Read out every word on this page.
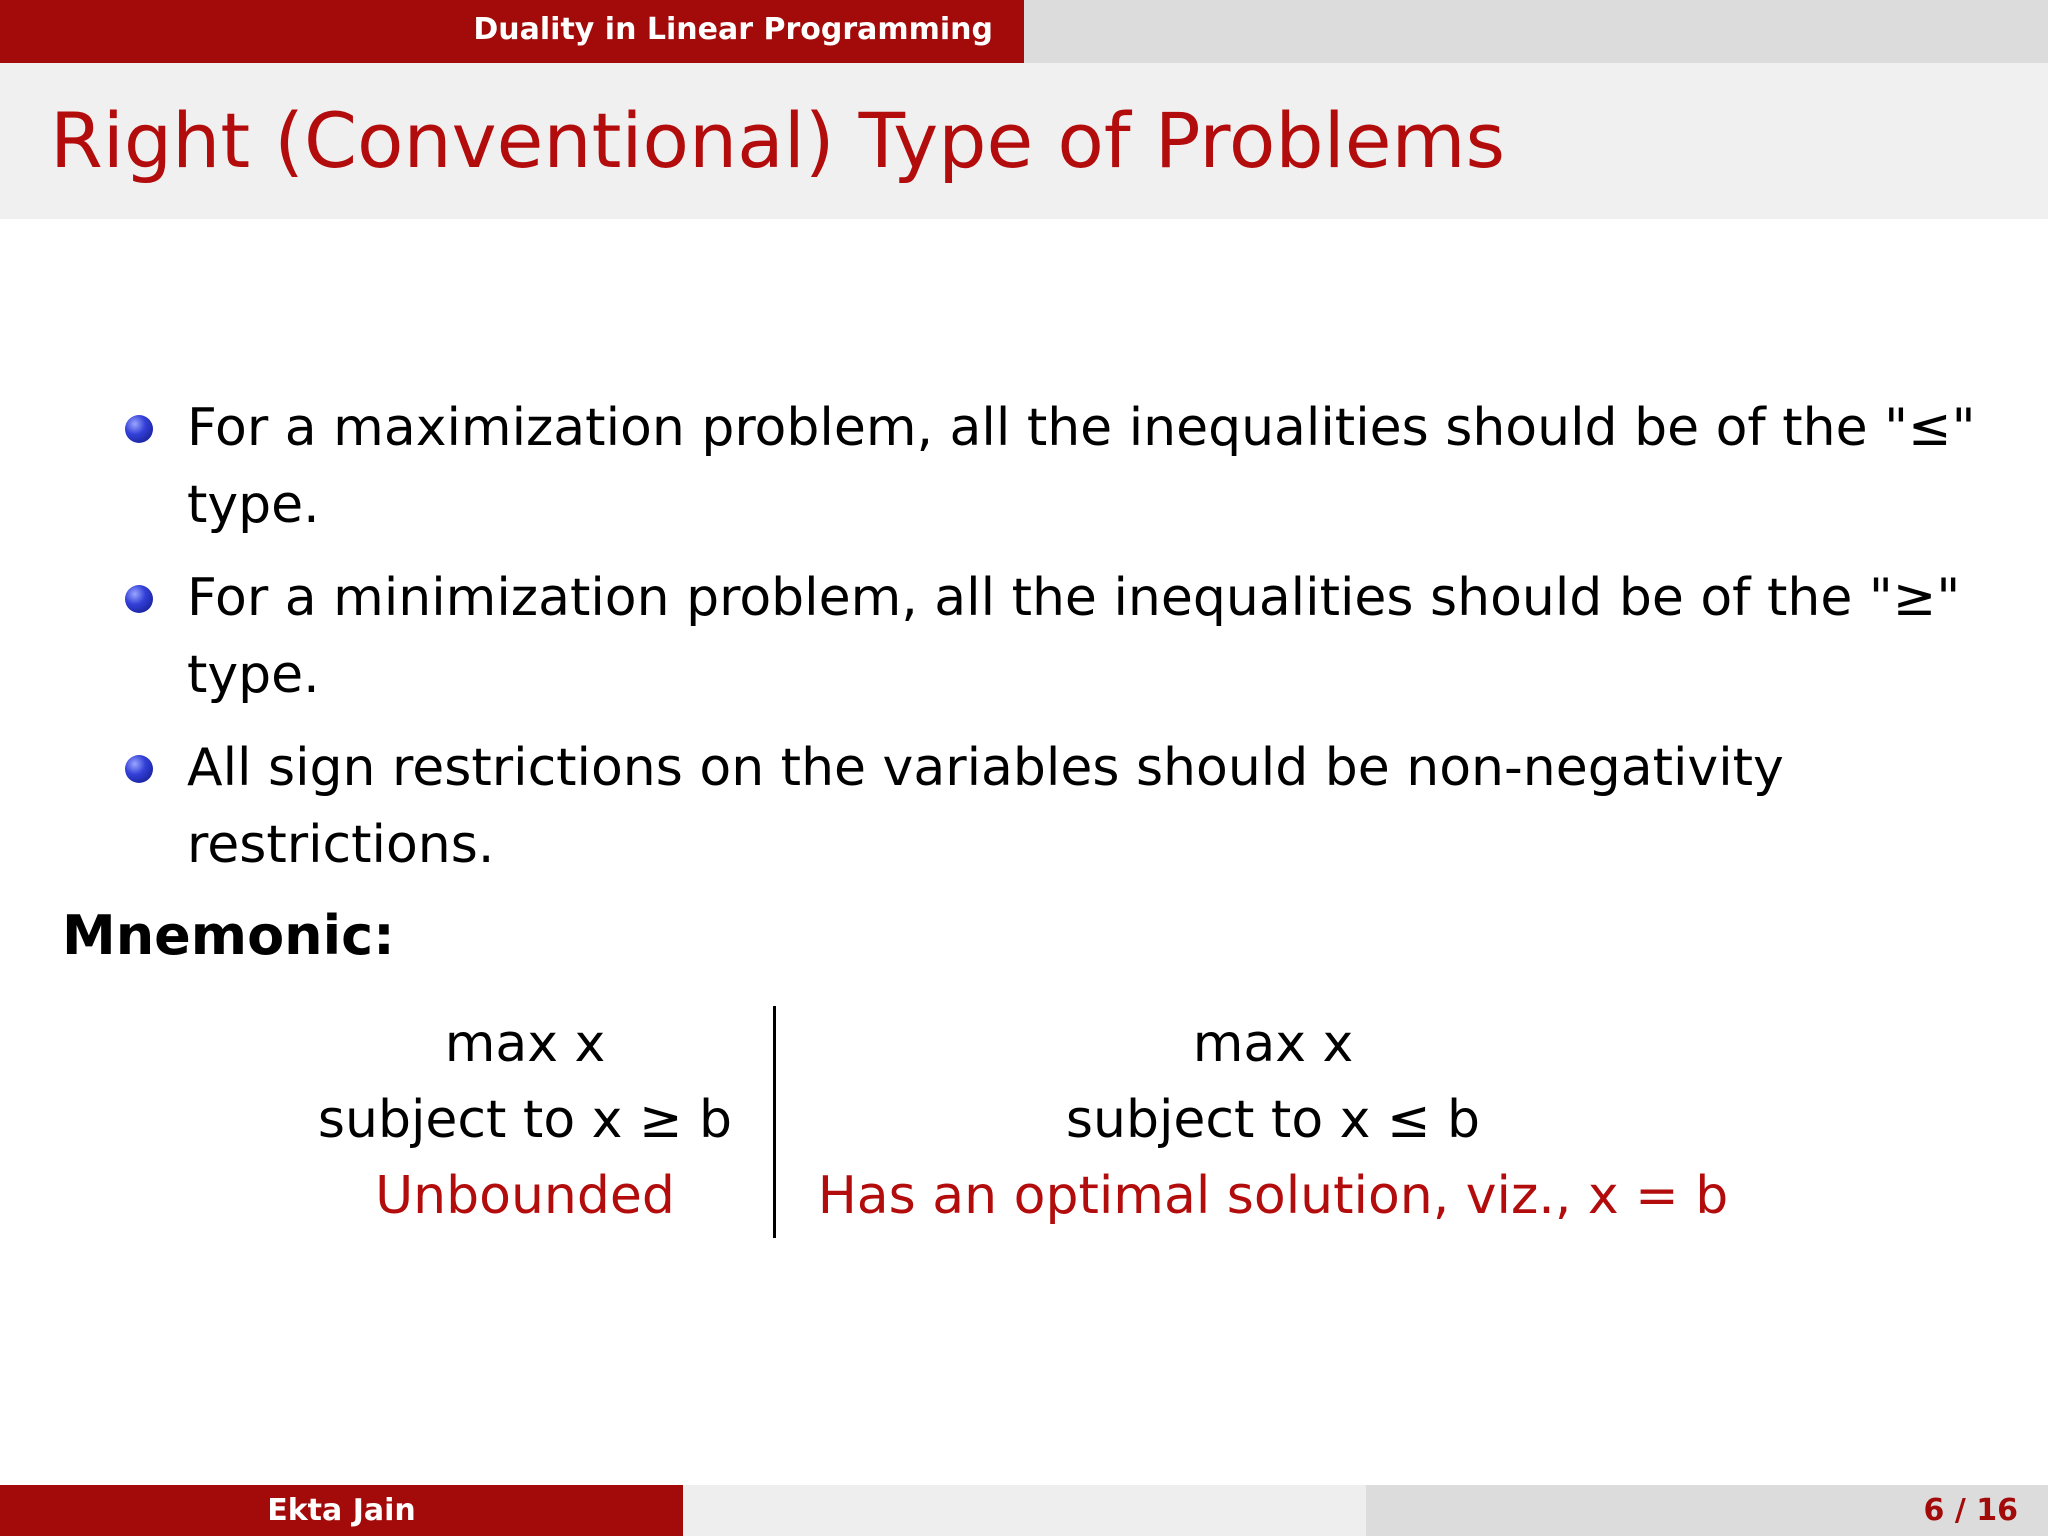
Duality in Linear Programming
Right (Conventional) Type of Problems
For a maximization problem, all the inequalities should be of the "≤" type.
For a minimization problem, all the inequalities should be of the "≥" type.
All sign restrictions on the variables should be non-negativity restrictions.
Mnemonic:
max x
subject to x ≥ b
Unbounded
max x
subject to x ≤ b
Has an optimal solution, viz., x = b
Ekta Jain	6 / 16
